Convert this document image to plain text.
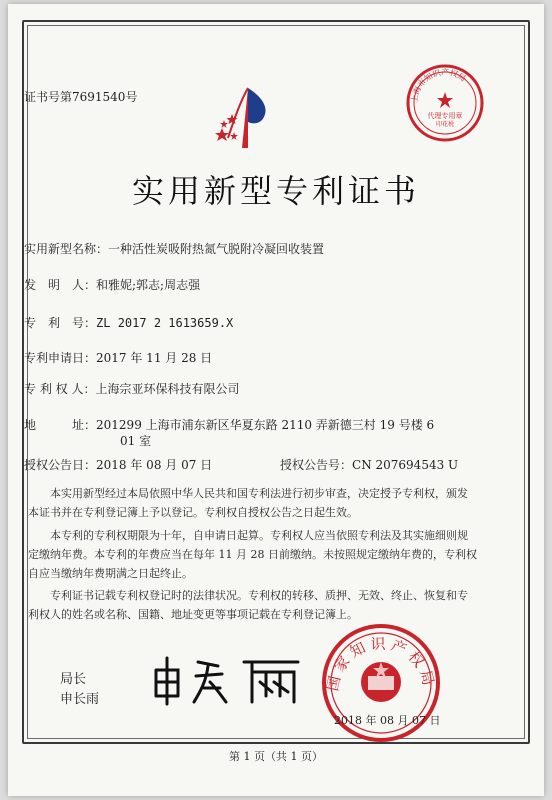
证书号第7691540号	上海市知识产权局
代理专用章
印花税
实用新型专利证书
实用新型名称：一种活性炭吸附热氮气脱附冷凝回收装置
发　明　人：和雅妮;郭志;周志强
专　利　号：ZL 2017 2 1613659.X
专利申请日：2017 年 11 月 28 日
专 利 权 人：上海宗亚环保科技有限公司
地　　　址：201299 上海市浦东新区华夏东路 2110 弄新德三村 19 号楼 6
01 室
授权公告日：2018 年 08 月 07 日	授权公告号：CN 207694543 U
本实用新型经过本局依照中华人民共和国专利法进行初步审查，决定授予专利权，颁发
本证书并在专利登记簿上予以登记。专利权自授权公告之日起生效。
本专利的专利权期限为十年，自申请日起算。专利权人应当依照专利法及其实施细则规
定缴纳年费。本专利的年费应当在每年 11 月 28 日前缴纳。未按照规定缴纳年费的，专利权
自应当缴纳年费期满之日起终止。
专利证书记载专利权登记时的法律状况。专利权的转移、质押、无效、终止、恢复和专
利权人的姓名或名称、国籍、地址变更等事项记载在专利登记簿上。
局长
申长雨
国家知识产权局
2018 年 08 月 07 日
第 1 页（共 1 页）
